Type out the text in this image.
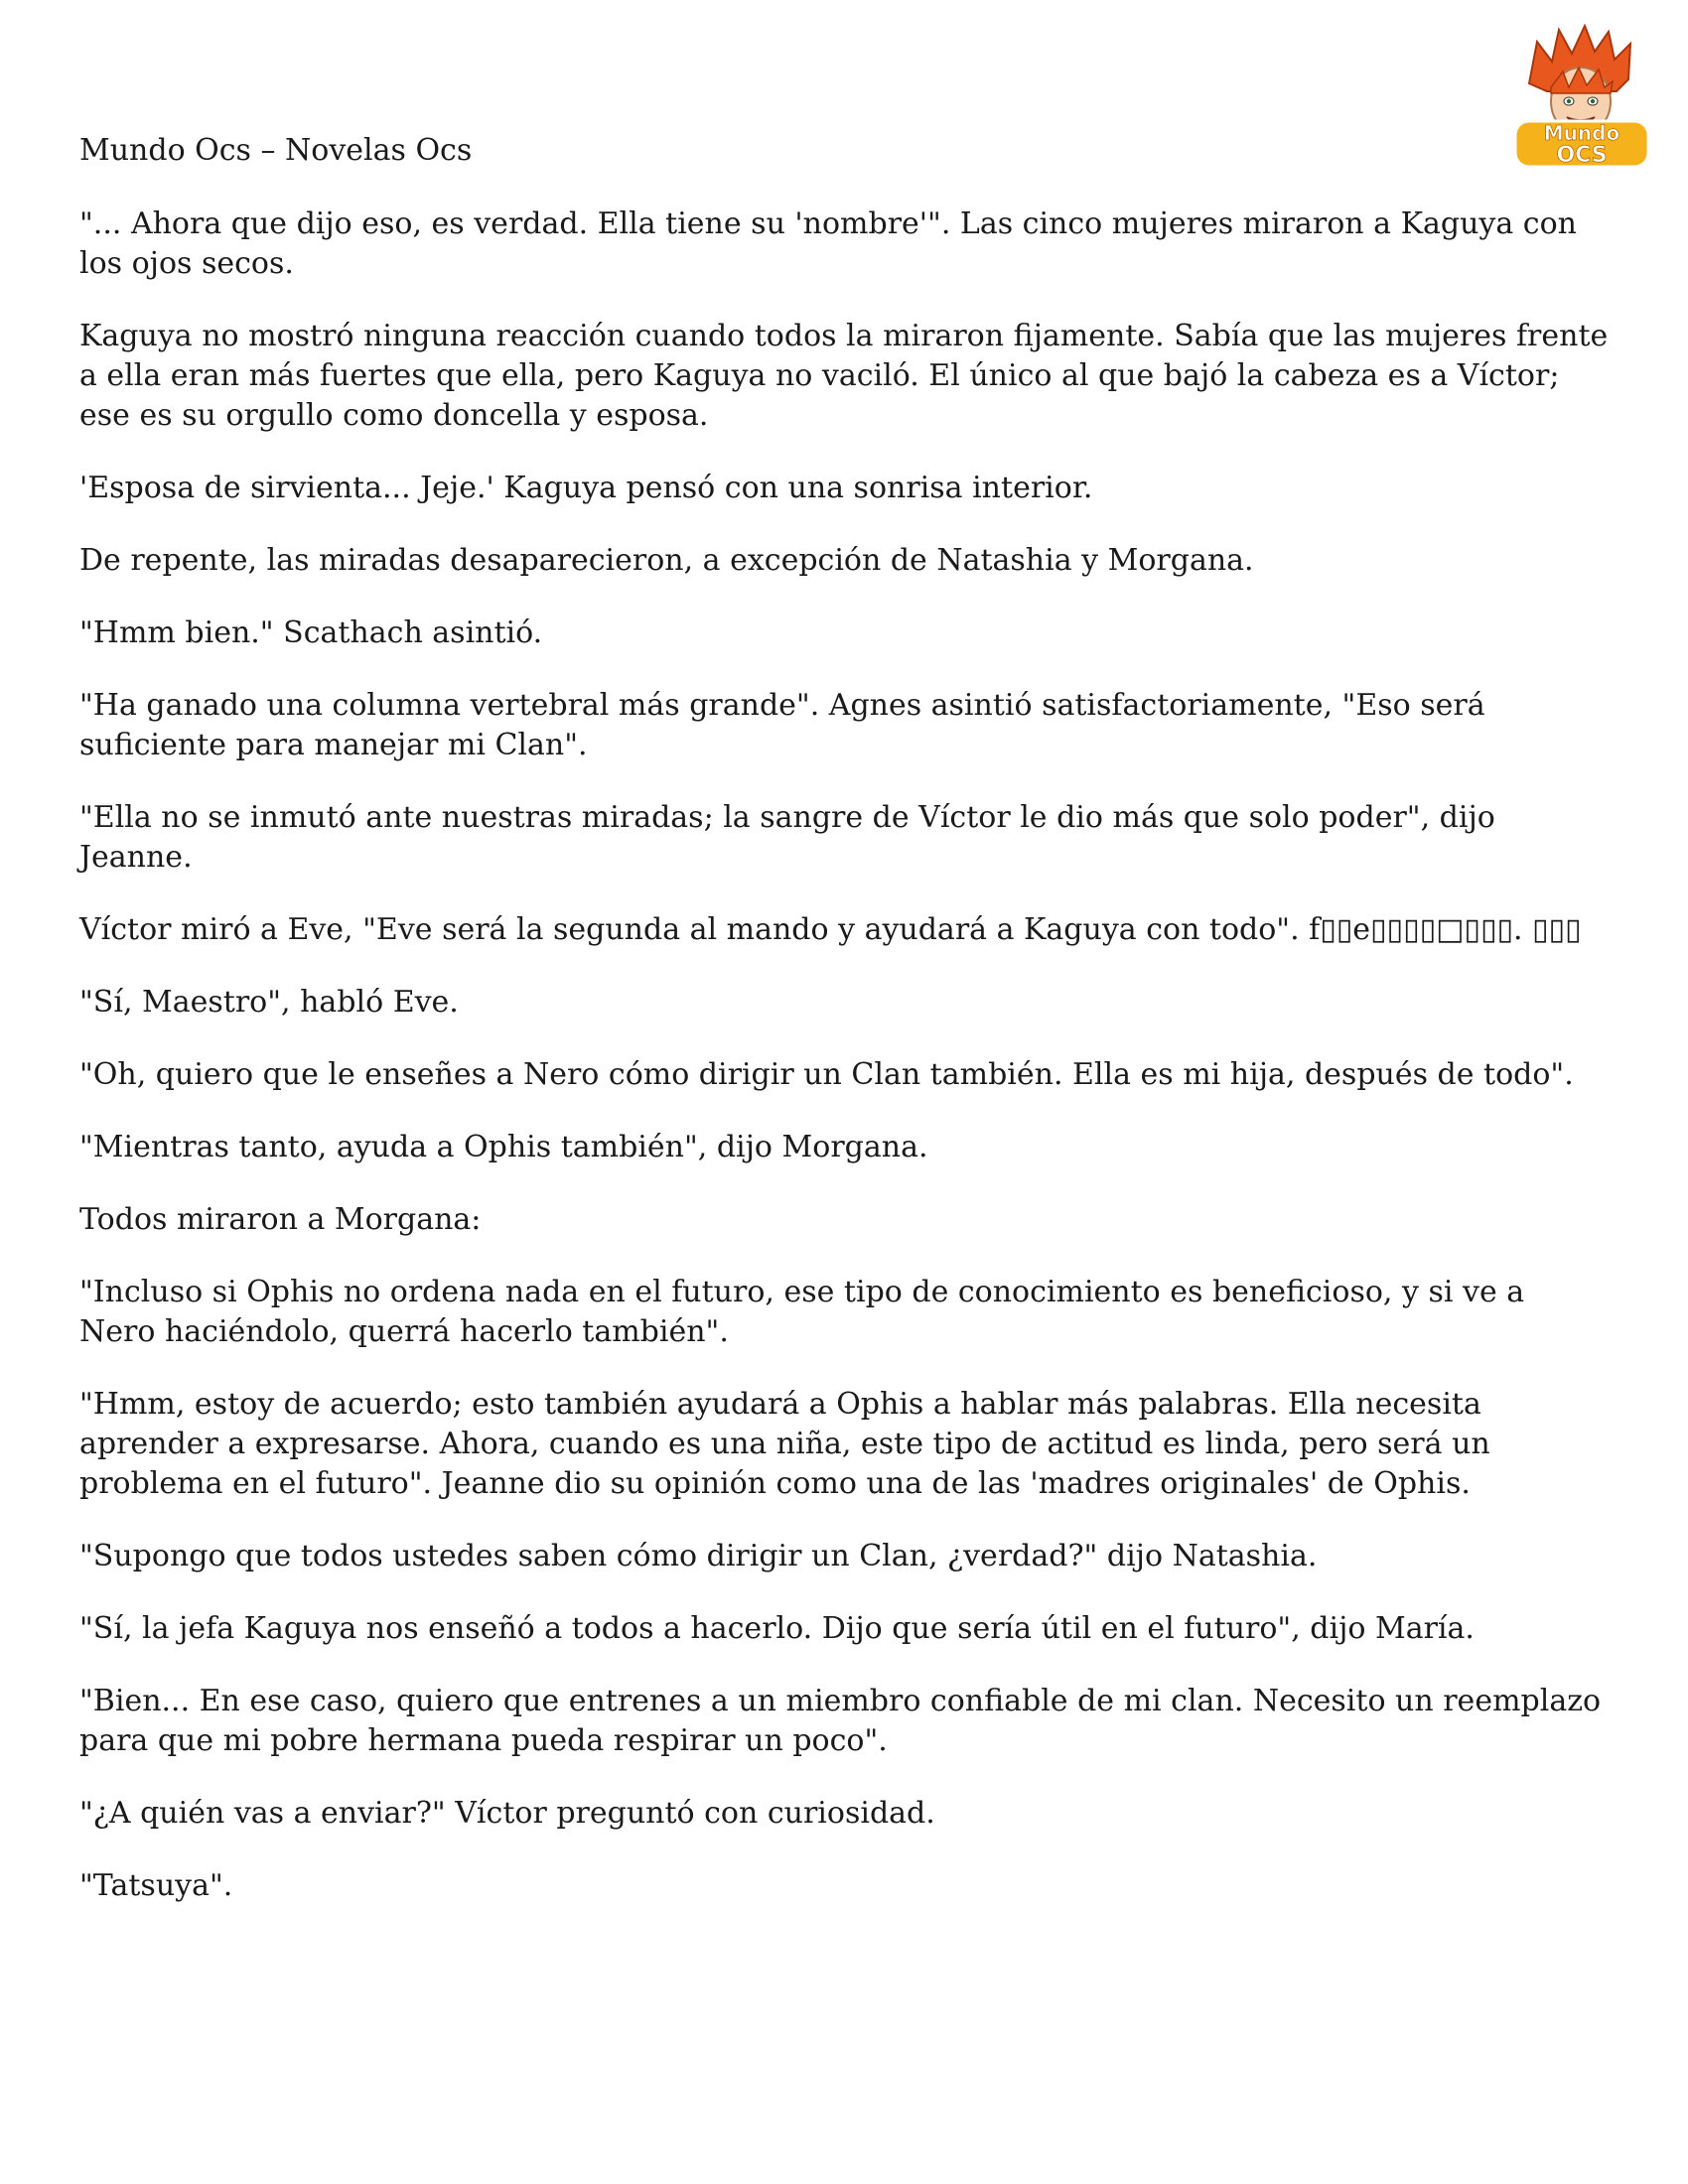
Mundo Ocs – Novelas Ocs	Mundo
OCS

"... Ahora que dijo eso, es verdad. Ella tiene su 'nombre'". Las cinco mujeres miraron a Kaguya con los ojos secos.

Kaguya no mostró ninguna reacción cuando todos la miraron fijamente. Sabía que las mujeres frente a ella eran más fuertes que ella, pero Kaguya no vaciló. El único al que bajó la cabeza es a Víctor; ese es su orgullo como doncella y esposa.

'Esposa de sirvienta... Jeje.' Kaguya pensó con una sonrisa interior.

De repente, las miradas desaparecieron, a excepción de Natashia y Morgana.

"Hmm bien." Scathach asintió.

"Ha ganado una columna vertebral más grande". Agnes asintió satisfactoriamente, "Eso será suficiente para manejar mi Clan".

"Ella no se inmutó ante nuestras miradas; la sangre de Víctor le dio más que solo poder", dijo Jeanne.

Víctor miró a Eve, "Eve será la segunda al mando y ayudará a Kaguya con todo". f▯▯e▯▯▯▯□▯▯▯. ▯▯▯

"Sí, Maestro", habló Eve.

"Oh, quiero que le enseñes a Nero cómo dirigir un Clan también. Ella es mi hija, después de todo".

"Mientras tanto, ayuda a Ophis también", dijo Morgana.

Todos miraron a Morgana:

"Incluso si Ophis no ordena nada en el futuro, ese tipo de conocimiento es beneficioso, y si ve a Nero haciéndolo, querrá hacerlo también".

"Hmm, estoy de acuerdo; esto también ayudará a Ophis a hablar más palabras. Ella necesita aprender a expresarse. Ahora, cuando es una niña, este tipo de actitud es linda, pero será un problema en el futuro". Jeanne dio su opinión como una de las 'madres originales' de Ophis.

"Supongo que todos ustedes saben cómo dirigir un Clan, ¿verdad?" dijo Natashia.

"Sí, la jefa Kaguya nos enseñó a todos a hacerlo. Dijo que sería útil en el futuro", dijo María.

"Bien... En ese caso, quiero que entrenes a un miembro confiable de mi clan. Necesito un reemplazo para que mi pobre hermana pueda respirar un poco".

"¿A quién vas a enviar?" Víctor preguntó con curiosidad.

"Tatsuya".
